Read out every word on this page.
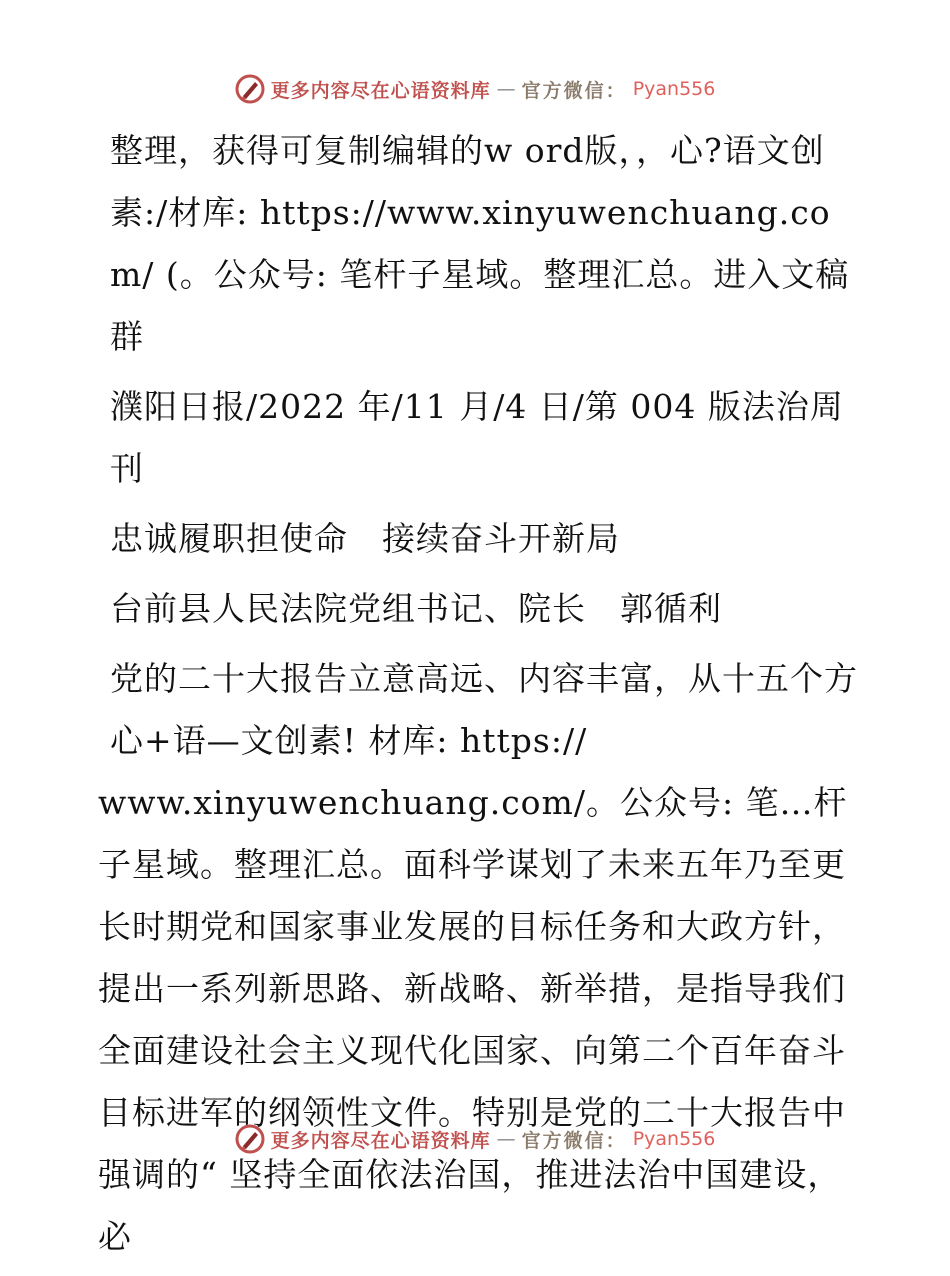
更多内容尽在心语资料库 — 官方微信： Pyan556

整理，获得可复制编辑的w ord版，，心?语文创素:/材库: https://www.xinyuwenchuang.com/ (。公众号: 笔杆子星域。整理汇总。进入文稿群

濮阳日报/2022 年/11 月/4 日/第 004 版法治周刊

忠诚履职担使命　接续奋斗开新局

台前县人民法院党组书记、院长　郭循利

党的二十大报告立意高远、内容丰富，从十五个方心+语—文创素! 材库: https://

www.xinyuwenchuang.com/。公众号: 笔…杆子星域。整理汇总。面科学谋划了未来五年乃至更长时期党和国家事业发展的目标任务和大政方针，提出一系列新思路、新战略、新举措，是指导我们全面建设社会主义现代化国家、向第二个百年奋斗目标进军的纲领性文件。特别是党的二十大报告中强调的“ 坚持全面依法治国，推进法治中国建设，必

更多内容尽在心语资料库 — 官方微信： Pyan556
